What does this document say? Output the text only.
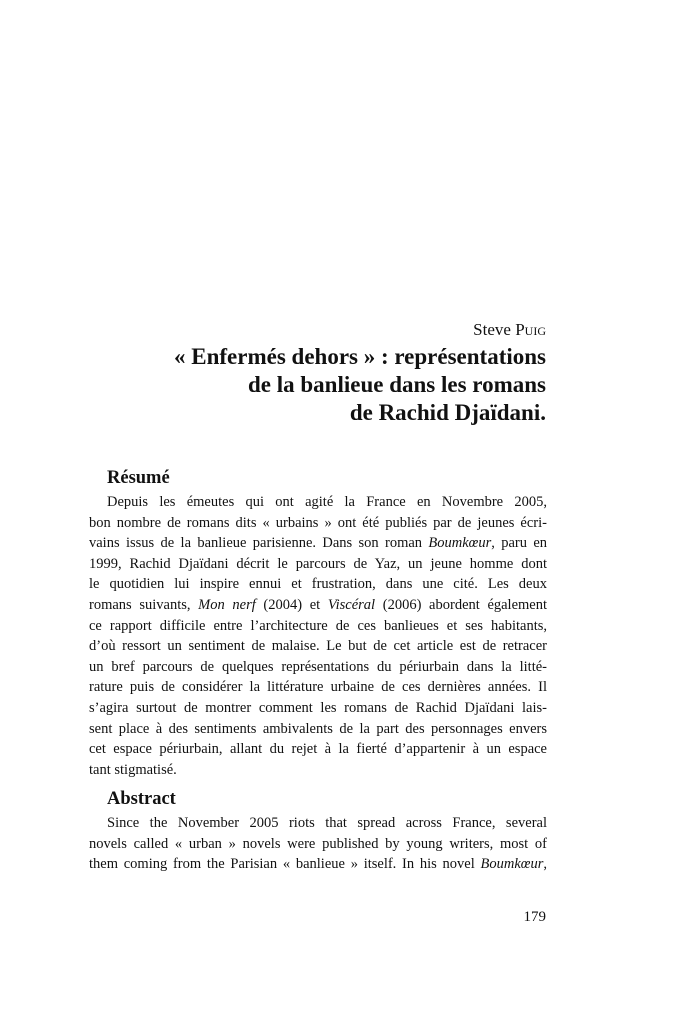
Steve Puig
« Enfermés dehors » : représentations
de la banlieue dans les romans
de Rachid Djaïdani.
Résumé
Depuis les émeutes qui ont agité la France en Novembre 2005,
bon nombre de romans dits « urbains » ont été publiés par de jeunes écri-
vains issus de la banlieue parisienne. Dans son roman Boumkœur, paru en
1999, Rachid Djaïdani décrit le parcours de Yaz, un jeune homme dont
le quotidien lui inspire ennui et frustration, dans une cité. Les deux
romans suivants, Mon nerf (2004) et Viscéral (2006) abordent également
ce rapport difficile entre l’architecture de ces banlieues et ses habitants,
d’où ressort un sentiment de malaise. Le but de cet article est de retracer
un bref parcours de quelques représentations du périurbain dans la litté-
rature puis de considérer la littérature urbaine de ces dernières années. Il
s’agira surtout de montrer comment les romans de Rachid Djaïdani lais-
sent place à des sentiments ambivalents de la part des personnages envers
cet espace périurbain, allant du rejet à la fierté d’appartenir à un espace
tant stigmatisé.
Abstract
Since the November 2005 riots that spread across France, several
novels called « urban » novels were published by young writers, most of
them coming from the Parisian « banlieue » itself. In his novel Boumkœur,
179
